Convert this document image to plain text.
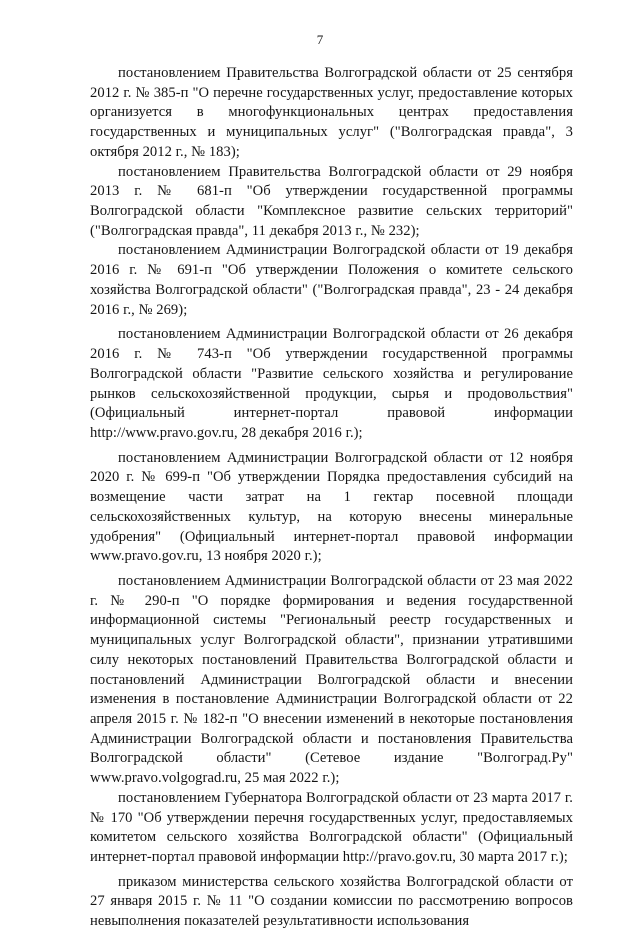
7

постановлением Правительства Волгоградской области от 25 сентября 2012 г. № 385-п "О перечне государственных услуг, предоставление которых организуется в многофункциональных центрах предоставления государственных и муниципальных услуг" ("Волгоградская правда", 3 октября 2012 г., № 183);

постановлением Правительства Волгоградской области от 29 ноября 2013 г. № 681-п "Об утверждении государственной программы Волгоградской области "Комплексное развитие сельских территорий" ("Волгоградская правда", 11 декабря 2013 г., № 232);

постановлением Администрации Волгоградской области от 19 декабря 2016 г. № 691-п "Об утверждении Положения о комитете сельского хозяйства Волгоградской области" ("Волгоградская правда", 23 - 24 декабря 2016 г., № 269);

постановлением Администрации Волгоградской области от 26 декабря 2016 г. № 743-п "Об утверждении государственной программы Волгоградской области "Развитие сельского хозяйства и регулирование рынков сельскохозяйственной продукции, сырья и продовольствия" (Официальный интернет-портал правовой информации http://www.pravo.gov.ru, 28 декабря 2016 г.);

постановлением Администрации Волгоградской области от 12 ноября 2020 г. № 699-п "Об утверждении Порядка предоставления субсидий на возмещение части затрат на 1 гектар посевной площади сельскохозяйственных культур, на которую внесены минеральные удобрения" (Официальный интернет-портал правовой информации www.pravo.gov.ru, 13 ноября 2020 г.);

постановлением Администрации Волгоградской области от 23 мая 2022 г. № 290-п "О порядке формирования и ведения государственной информационной системы "Региональный реестр государственных и муниципальных услуг Волгоградской области", признании утратившими силу некоторых постановлений Правительства Волгоградской области и постановлений Администрации Волгоградской области и внесении изменения в постановление Администрации Волгоградской области от 22 апреля 2015 г. № 182-п "О внесении изменений в некоторые постановления Администрации Волгоградской области и постановления Правительства Волгоградской области" (Сетевое издание "Волгоград.Ру" www.pravo.volgograd.ru, 25 мая 2022 г.);

постановлением Губернатора Волгоградской области от 23 марта 2017 г. № 170 "Об утверждении перечня государственных услуг, предоставляемых комитетом сельского хозяйства Волгоградской области" (Официальный интернет-портал правовой информации http://pravo.gov.ru, 30 марта 2017 г.);

приказом министерства сельского хозяйства Волгоградской области от 27 января 2015 г. № 11 "О создании комиссии по рассмотрению вопросов невыполнения показателей результативности использования
